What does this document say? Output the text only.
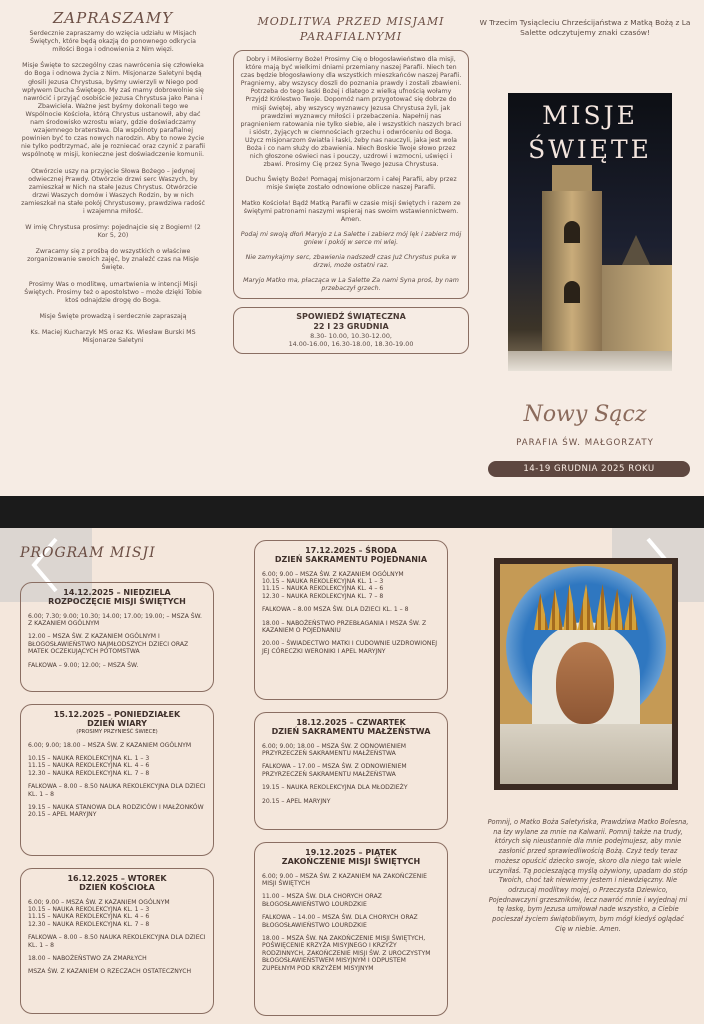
ZAPRASZAMY

Serdecznie zapraszamy do wzięcia udziału w Misjach Świętych, które będą okazją do ponownego odkrycia miłości Boga i odnowienia z Nim więzi.

Misje Święte to szczególny czas nawrócenia się człowieka do Boga i odnowa życia z Nim. Misjonarze Saletyni będą głosili Jezusa Chrystusa, byśmy uwierzyli w Niego pod wpływem Ducha Świętego. My zaś mamy dobrowolnie się nawrócić i przyjąć osobiście Jezusa Chrystusa jako Pana i Zbawiciela. Ważne jest byśmy dokonali tego we Wspólnocie Kościoła, którą Chrystus ustanowił, aby dać nam środowisko wzrostu wiary, gdzie doświadczamy wzajemnego braterstwa. Dla wspólnoty parafialnej powinien być to czas nowych narodzin. Aby to nowe życie nie tylko podtrzymać, ale je rozniecać oraz czynić z parafii wspólnotę w misji, konieczne jest doświadczenie komunii.

Otwórzcie uszy na przyjęcie Słowa Bożego – jedynej odwiecznej Prawdy. Otwórzcie drzwi serc Waszych, by zamieszkał w Nich na stałe Jezus Chrystus. Otwórzcie drzwi Waszych domów i Waszych Rodzin, by w nich zamieszkał na stałe pokój Chrystusowy, prawdziwa radość i wzajemna miłość.

W imię Chrystusa prosimy: pojednajcie się z Bogiem! (2 Kor 5, 20)

Zwracamy się z prośbą do wszystkich o właściwe zorganizowanie swoich zajęć, by znaleźć czas na Misje Święte.

Prosimy Was o modlitwę, umartwienia w intencji Misji Świętych. Prosimy też o apostolstwo – może dzięki Tobie ktoś odnajdzie drogę do Boga.

Misje Święte prowadzą i serdecznie zapraszają

Ks. Maciej Kucharzyk MS oraz Ks. Wiesław Burski MS Misjonarze Saletyni

MODLITWA PRZED MISJAMI PARAFIALNYMI

Dobry i Miłosierny Boże! Prosimy Cię o błogosławieństwo dla misji, które mają być wielkimi dniami przemiany naszej Parafii. Niech ten czas będzie błogosławiony dla wszystkich mieszkańców naszej Parafii. Pragniemy, aby wszyscy doszli do poznania prawdy i zostali zbawieni. Potrzeba do tego łaski Bożej i dlatego z wielką ufnością wołamy Przyjdź Królestwo Twoje. Dopomóż nam przygotować się dobrze do misji świętej, aby wszyscy wyznawcy Jezusa Chrystusa żyli, jak prawdziwi wyznawcy miłości i przebaczenia. Napełnij nas pragnieniem ratowania nie tylko siebie, ale i wszystkich naszych braci i sióstr, żyjących w ciemnościach grzechu i odwróceniu od Boga. Użycz misjonarzom światła i łaski, żeby nas nauczyli, jaka jest wola Boża i co nam służy do zbawienia. Niech Boskie Twoje słowo przez nich głoszone oświeci nas i pouczy, uzdrowi i wzmocni, uświęci i zbawi. Prosimy Cię przez Syna Twego Jezusa Chrystusa.

Duchu Święty Boże! Pomagaj misjonarzom i całej Parafii, aby przez misje święte zostało odnowione oblicze naszej Parafii.

Matko Kościoła! Bądź Matką Parafii w czasie misji świętych i razem ze świętymi patronami naszymi wspieraj nas swoim wstawiennictwem. Amen.

Podaj mi swoją dłoń Maryjo z La Salette i zabierz mój lęk i zabierz mój gniew i pokój w serce mi wlej.

Nie zamykajmy serc, zbawienia nadszedł czas Już Chrystus puka w drzwi, może ostatni raz.

Maryjo Matko ma, płacząca w La Salette Za nami Syna proś, by nam przebaczył grzech.

SPOWIEDŹ ŚWIĄTECZNA
22 I 23 GRUDNIA
8.30- 10.00, 10.30-12.00,
14.00-16.00, 16.30-18.00, 18.30-19.00
W Trzecim Tysiącleciu Chrześcijaństwa z Matką Bożą z La Salette odczytujemy znaki czasów!
MISJE
ŚWIĘTE
Nowy Sącz
PARAFIA ŚW. MAŁGORZATY
14-19 GRUDNIA 2025 ROKU
PROGRAM MISJI
14.12.2025 – NIEDZIELA
ROZPOCZĘCIE MISJI ŚWIĘTYCH

6.00; 7.30; 9.00; 10.30; 14.00; 17.00; 19.00; – MSZA ŚW. Z KAZANIEM OGÓLNYM

12.00 – MSZA ŚW. Z KAZANIEM OGÓLNYM I BŁOGOSŁAWIEŃSTWO NAJMŁODSZYCH DZIECI ORAZ MATEK OCZEKUJĄCYCH POTOMSTWA

FALKOWA – 9.00; 12.00; – MSZA ŚW.

15.12.2025 – PONIEDZIAŁEK
DZIEŃ WIARY
(PROSIMY PRZYNIEŚĆ ŚWIECE)

6.00; 9.00; 18.00 – MSZA ŚW. Z KAZANIEM OGÓLNYM

10.15 – NAUKA REKOLEKCYJNA KL. 1 – 3
11.15 – NAUKA REKOLEKCYJNA KL. 4 – 6

12.30 – NAUKA REKOLEKCYJNA KL. 7 – 8

FALKOWA – 8.00 – 8.50 NAUKA REKOLEKCYJNA DLA DZIECI KL. 1 – 8

19.15 – NAUKA STANOWA DLA RODZICÓW I MAŁŻONKÓW
20.15 – APEL MARYJNY
16.12.2025 – WTOREK
DZIEŃ KOŚCIOŁA
6.00; 9.00 – MSZA ŚW. Z KAZANIEM OGÓLNYM
10.15 – NAUKA REKOLEKCYJNA KL. 1 – 3
11.15 – NAUKA REKOLEKCYJNA KL. 4 – 6

12.30 – NAUKA REKOLEKCYJNA KL. 7 – 8

FALKOWA – 8.00 – 8.50 NAUKA REKOLEKCYJNA DLA DZIECI KL. 1 – 8

18.00 – NABOŻEŃSTWO ZA ZMARŁYCH

MSZA ŚW. Z KAZANIEM O RZECZACH OSTATECZNYCH

17.12.2025 – ŚRODA
DZIEŃ SAKRAMENTU POJEDNANIA
6.00; 9.00 – MSZA ŚW. Z KAZANIEM OGÓLNYM
10.15 – NAUKA REKOLEKCYJNA KL. 1 – 3
11.15 – NAUKA REKOLEKCYJNA KL. 4 – 6

12.30 – NAUKA REKOLEKCYJNA KL. 7 – 8

FALKOWA – 8.00 MSZA ŚW. DLA DZIECI KL. 1 – 8

18.00 – NABOŻEŃSTWO PRZEBŁAGANIA I MSZA ŚW. Z KAZANIEM O POJEDNANIU

20.00 – ŚWIADECTWO MATKI I CUDOWNIE UZDROWIONEJ JEJ CÓRECZKI WERONIKI I APEL MARYJNY

18.12.2025 – CZWARTEK
DZIEŃ SAKRAMENTU MAŁŻEŃSTWA

6.00; 9.00; 18.00 – MSZA ŚW. Z ODNOWIENIEM PRZYRZECZEŃ SAKRAMENTU MAŁŻEŃSTWA

FALKOWA – 17.00 – MSZA ŚW. Z ODNOWIENIEM PRZYRZECZEŃ SAKRAMENTU MAŁŻEŃSTWA

19.15 – NAUKA REKOLEKCYJNA DLA MŁODZIEŻY

20.15 – APEL MARYJNY

19.12.2025 – PIĄTEK
ZAKOŃCZENIE MISJI ŚWIĘTYCH

6.00; 9.00 – MSZA ŚW. Z KAZANIEM NA ZAKOŃCZENIE MISJI ŚWIĘTYCH

11.00 – MSZA ŚW. DLA CHORYCH ORAZ BŁOGOSŁAWIEŃSTWO LOURDZKIE

FALKOWA – 14.00 – MSZA ŚW. DLA CHORYCH ORAZ BŁOGOSŁAWIEŃSTWO LOURDZKIE

18.00 – MSZA ŚW. NA ZAKOŃCZENIE MISJI ŚWIĘTYCH, POŚWIĘCENIE KRZYŻA MISYJNEGO I KRZYŻY RODZINNYCH, ZAKOŃCZENIE MISJI ŚW. Z UROCZYSTYM BŁOGOSŁAWIEŃSTWEM MISYJNYM I ODPUSTEM ZUPEŁNYM POD KRZYŻEM MISYJNYM

Pomnij, o Matko Boża Saletyńska, Prawdziwa Matko Bolesna, na łzy wylane za mnie na Kalwarii. Pomnij także na trudy, których się nieustannie dla mnie podejmujesz, aby mnie zasłonić przed sprawiedliwością Bożą. Czyż tedy teraz możesz opuścić dziecko swoje, skoro dla niego tak wiele uczyniłaś. Tą pocieszającą myślą ożywiony, upadam do stóp Twoich, choć tak niewierny jestem i niewdzięczny. Nie odrzucaj modlitwy mojej, o Przeczysta Dziewico, Pojednawczyni grzeszników, lecz nawróć mnie i wyjednaj mi tę łaskę, bym Jezusa umiłował nade wszystko, a Ciebie pocieszał życiem świątobliwym, bym mógł kiedyś oglądać Cię w niebie. Amen.
